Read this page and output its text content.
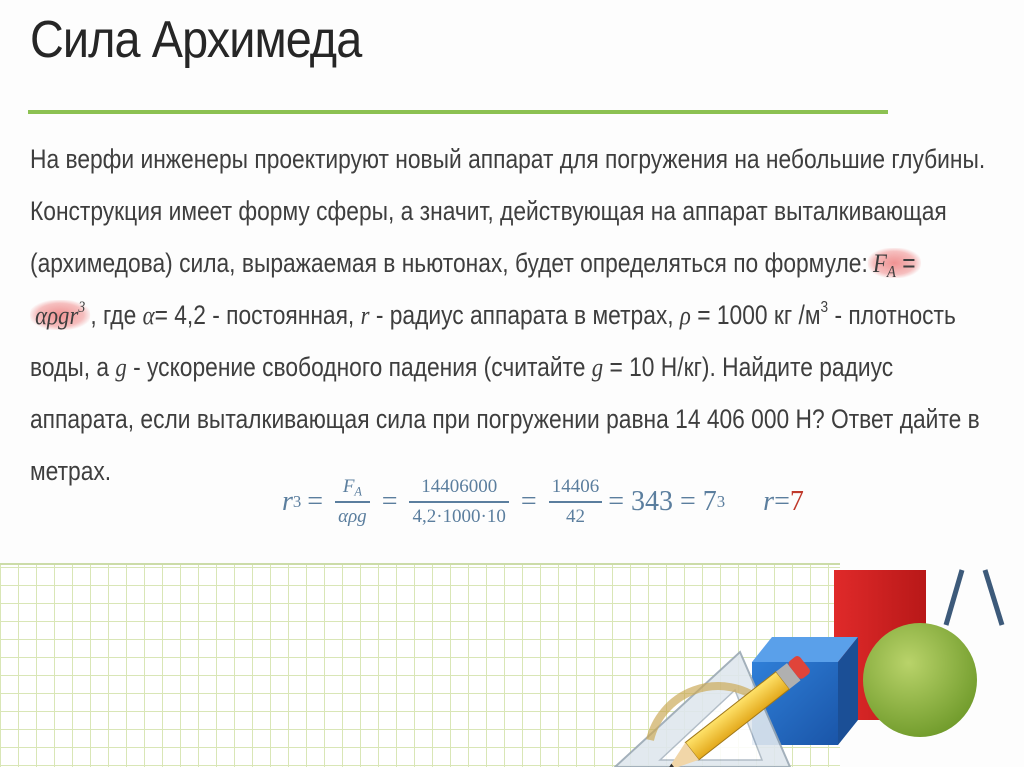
Сила Архимеда
На верфи инженеры проектируют новый аппарат для погружения на небольшие глубины.
Конструкция имеет форму сферы, а значит, действующая на аппарат выталкивающая
(архимедова) сила, выражаемая в ньютонах, будет определяться по формуле: $F_A$ =
αρgr$^3$ , где α= 4,2 - постоянная, r - радиус аппарата в метрах, ρ = 1000 кг $/м^3$ - плотность
воды, а g - ускорение свободного падения (считайте g = 10 Н/кг). Найдите радиус
аппарата, если выталкивающая сила при погружении равна 14 406 000 Н? Ответ дайте в
метрах.
r $3 = \frac{F_A}{\text{αρg}} = \frac{14406000}{4,2\cdot 1000\cdot 10} = \frac{14406}{42} = 343 = 7$ 3 r = 7
